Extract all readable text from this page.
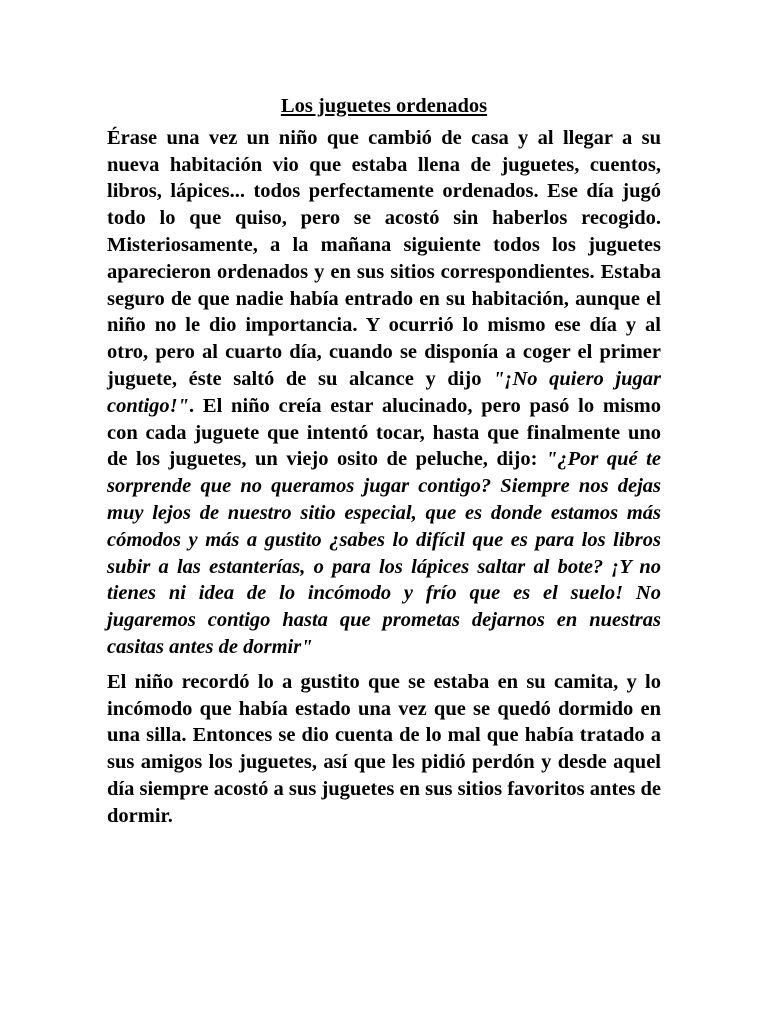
Los juguetes ordenados

Érase una vez un niño que cambió de casa y al llegar a su nueva habitación vio que estaba llena de juguetes, cuentos, libros, lápices... todos perfectamente ordenados. Ese día jugó todo lo que quiso, pero se acostó sin haberlos recogido. Misteriosamente, a la mañana siguiente todos los juguetes aparecieron ordenados y en sus sitios correspondientes. Estaba seguro de que nadie había entrado en su habitación, aunque el niño no le dio importancia. Y ocurrió lo mismo ese día y al otro, pero al cuarto día, cuando se disponía a coger el primer juguete, éste saltó de su alcance y dijo "¡No quiero jugar contigo!". El niño creía estar alucinado, pero pasó lo mismo con cada juguete que intentó tocar, hasta que finalmente uno de los juguetes, un viejo osito de peluche, dijo: "¿Por qué te sorprende que no queramos jugar contigo? Siempre nos dejas muy lejos de nuestro sitio especial, que es donde estamos más cómodos y más a gustito ¿sabes lo difícil que es para los libros subir a las estanterías, o para los lápices saltar al bote? ¡Y no tienes ni idea de lo incómodo y frío que es el suelo! No jugaremos contigo hasta que prometas dejarnos en nuestras casitas antes de dormir"

El niño recordó lo a gustito que se estaba en su camita, y lo incómodo que había estado una vez que se quedó dormido en una silla. Entonces se dio cuenta de lo mal que había tratado a sus amigos los juguetes, así que les pidió perdón y desde aquel día siempre acostó a sus juguetes en sus sitios favoritos antes de dormir.
